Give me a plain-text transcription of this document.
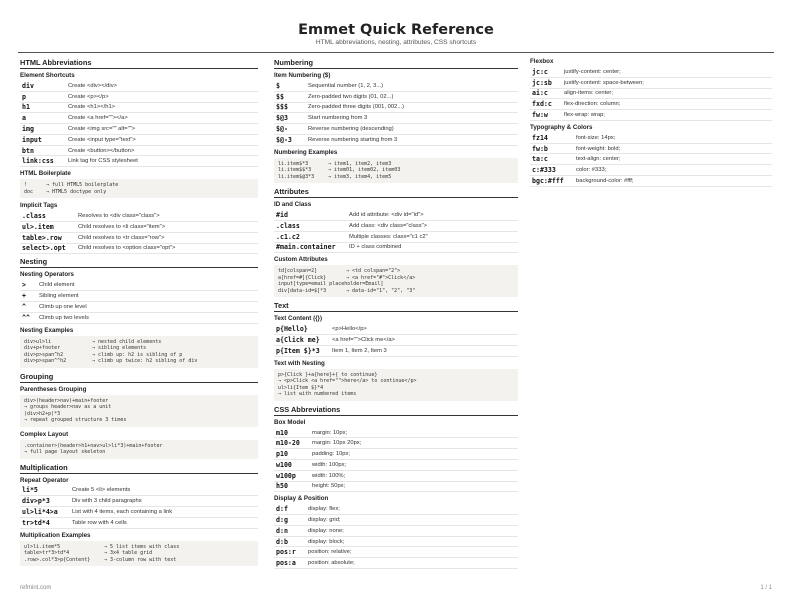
Emmet Quick Reference
HTML abbreviations, nesting, attributes, CSS shortcuts
HTML Abbreviations
Element Shortcuts
div	Create <div></div>
p	Create <p></p>
h1	Create <h1></h1>
a	Create <a href=""></a>
img	Create <img src="" alt="">
input	Create <input type="text">
btn	Create <button></button>
link:css	Link tag for CSS stylesheet
HTML Boilerplate
!	→ full HTML5 boilerplate
doc	→ HTML5 doctype only
Implicit Tags
.class	Resolves to <div class="class">
ul>.item	Child resolves to <li class="item">
table>.row	Child resolves to <tr class="row">
select>.opt	Child resolves to <option class="opt">
Nesting
Nesting Operators
>	Child element
+	Sibling element
^	Climb up one level
^^	Climb up two levels
Nesting Examples
div>ul>li	→ nested child elements
div+p+footer	→ sibling elements
div>p>span^h2	→ climb up: h2 is sibling of p
div>p>span^^h2	→ climb up twice: h2 sibling of div
Grouping
Parentheses Grouping
div>(header>nav)+main+footer
→ groups header>nav as a unit
(div>h2+p)*3
→ repeat grouped structure 3 times
Complex Layout
.container>(header>h1+nav>ul>li*3)+main+footer
→ full page layout skeleton
Multiplication
Repeat Operator
li*5	Create 5 <li> elements
div>p*3	Div with 3 child paragraphs
ul>li*4>a	List with 4 items, each containing a link
tr>td*4	Table row with 4 cells
Multiplication Examples
ul>li.item*5	→ 5 list items with class
table>tr*3>td*4	→ 3x4 table grid
.row>.col*3>p{Content}	→ 3-column row with text
Numbering
Item Numbering ($)
$	Sequential number (1, 2, 3...)
$$	Zero-padded two digits (01, 02...)
$$$	Zero-padded three digits (001, 002...)
$@3	Start numbering from 3
$@-	Reverse numbering (descending)
$@-3	Reverse numbering starting from 3
Numbering Examples
li.item$*3	→ item1, item2, item3
li.item$$*3	→ item01, item02, item03
li.item$@3*3	→ item3, item4, item5
Attributes
ID and Class
#id	Add id attribute: <div id="id">
.class	Add class: <div class="class">
.c1.c2	Multiple classes: class="c1 c2"
#main.container	ID + class combined
Custom Attributes
td[colspan=2]	→ <td colspan="2">
a[href=#]{Click}	→ <a href="#">Click</a>
input[type=email placeholder=Email]
div[data-id=$]*3	→ data-id="1", "2", "3"
Text
Text Content ({})
p{Hello}	<p>Hello</p>
a{Click me}	<a href="">Click me</a>
p{Item $}*3	Item 1, Item 2, Item 3
Text with Nesting
p>{Click }+a{here}+{ to continue}
→ <p>Click <a href="">here</a> to continue</p>
ul>li{Item $}*4
→ list with numbered items
CSS Abbreviations
Box Model
m10	margin: 10px;
m10-20	margin: 10px 20px;
p10	padding: 10px;
w100	width: 100px;
w100p	width: 100%;
h50	height: 50px;
Display & Position
d:f	display: flex;
d:g	display: grid;
d:n	display: none;
d:b	display: block;
pos:r	position: relative;
pos:a	position: absolute;
Flexbox
jc:c	justify-content: center;
jc:sb	justify-content: space-between;
ai:c	align-items: center;
fxd:c	flex-direction: column;
fw:w	flex-wrap: wrap;
Typography & Colors
fz14	font-size: 14px;
fw:b	font-weight: bold;
ta:c	text-align: center;
c:#333	color: #333;
bgc:#fff	background-color: #fff;
refmint.com	1 / 1
